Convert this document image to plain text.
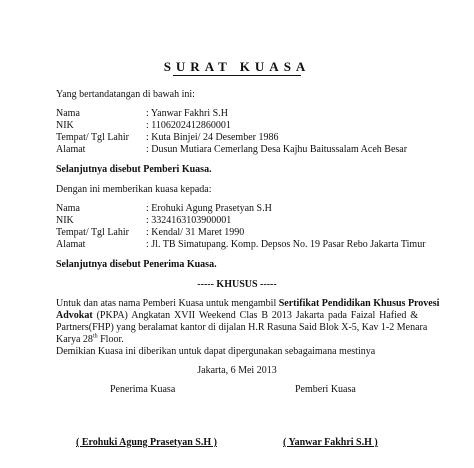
SURAT KUASA
Yang bertandatangan di bawah ini:
Nama	: Yanwar Fakhri S.H
NIK	: 1106202412860001
Tempat/ Tgl Lahir : Kuta Binjei/ 24 Desember 1986
Alamat	: Dusun Mutiara Cemerlang Desa Kajhu Baitussalam Aceh Besar
Selanjutnya disebut Pemberi Kuasa.
Dengan ini memberikan kuasa kepada:
Nama	: Erohuki Agung Prasetyan S.H
NIK	: 3324163103900001
Tempat/ Tgl Lahir : Kendal/ 31 Maret 1990
Alamat	: Jl. TB Simatupang. Komp. Depsos No. 19 Pasar Rebo Jakarta Timur
Selanjutnya disebut Penerima Kuasa.
----- KHUSUS -----

Untuk dan atas nama Pemberi Kuasa untuk mengambil Sertifikat Pendidikan Khusus Provesi

Advokat (PKPA) Angkatan XVII Weekend Clas B 2013 Jakarta pada Faizal Hafied &

Partners(FHP) yang beralamat kantor di dijalan H.R Rasuna Said Blok X-5, Kav 1-2 Menara

Karya 28th Floor.

Demikian Kuasa ini diberikan untuk dapat dipergunakan sebagaimana mestinya
Jakarta, 6 Mei 2013
Penerima Kuasa	Pemberi Kuasa
( Erohuki Agung Prasetyan S.H )	( Yanwar Fakhri S.H )
